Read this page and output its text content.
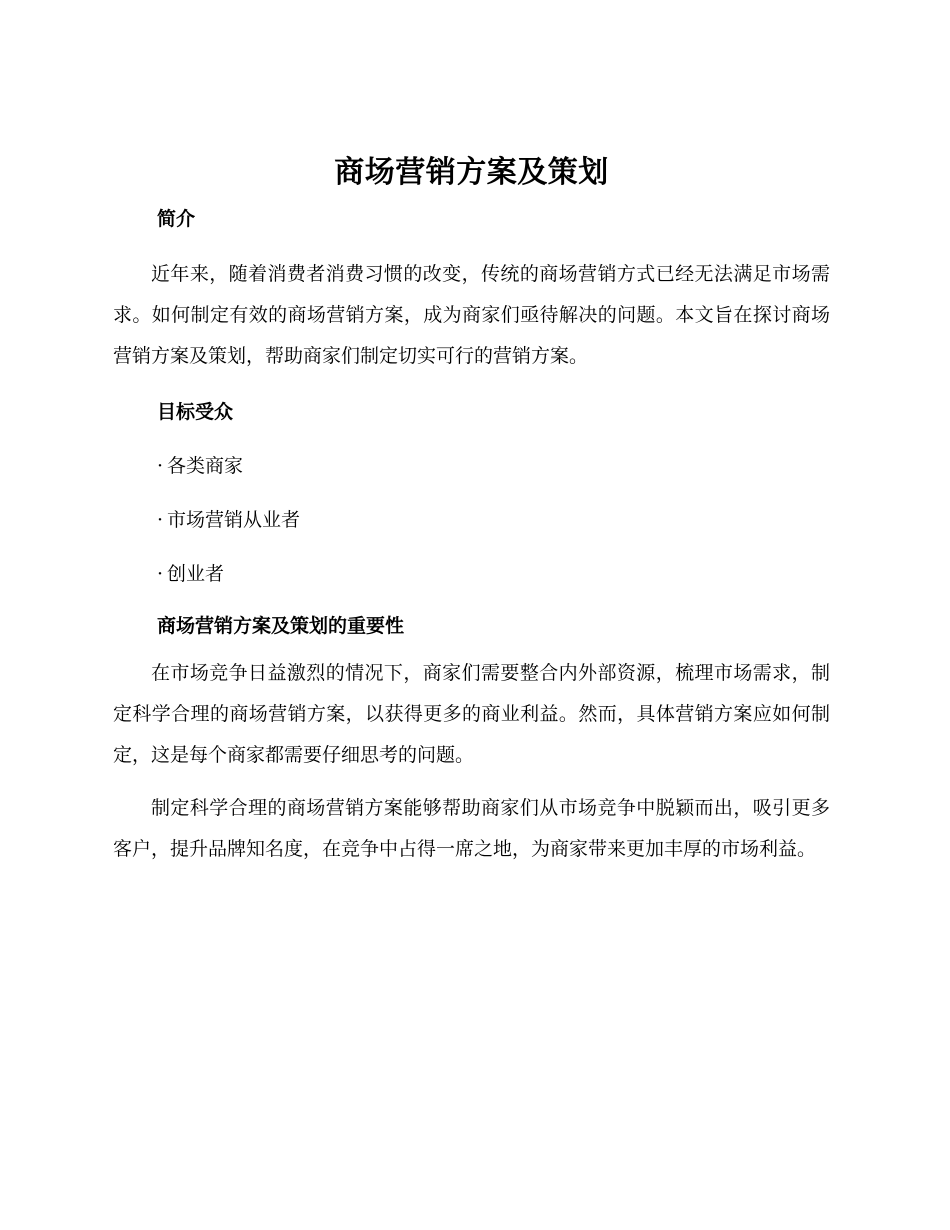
商场营销方案及策划
简介

近年来，随着消费者消费习惯的改变，传统的商场营销方式已经无法满足市场需求。如何制定有效的商场营销方案，成为商家们亟待解决的问题。本文旨在探讨商场营销方案及策划，帮助商家们制定切实可行的营销方案。

目标受众
· 各类商家
· 市场营销从业者
· 创业者
商场营销方案及策划的重要性

在市场竞争日益激烈的情况下，商家们需要整合内外部资源，梳理市场需求，制定科学合理的商场营销方案，以获得更多的商业利益。然而，具体营销方案应如何制定，这是每个商家都需要仔细思考的问题。

制定科学合理的商场营销方案能够帮助商家们从市场竞争中脱颖而出，吸引更多客户，提升品牌知名度，在竞争中占得一席之地，为商家带来更加丰厚的市场利益。
